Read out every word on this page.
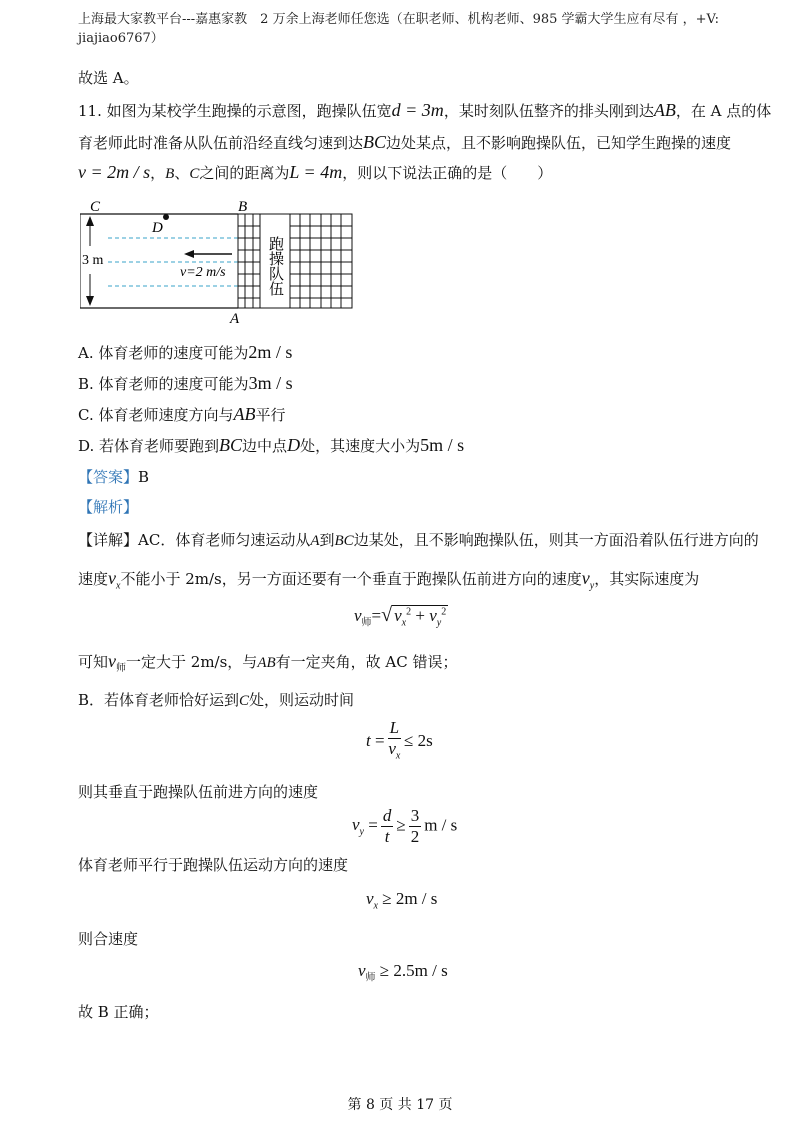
上海最大家教平台---嘉惠家教　2 万余上海老师任您选（在职老师、机构老师、985 学霸大学生应有尽有 ，+V:
jiajiao6767）
故选 A。
11. 如图为某校学生跑操的示意图，跑操队伍宽d = 3m，某时刻队伍整齐的排头刚到达AB，在 A 点的体
育老师此时准备从队伍前沿经直线匀速到达BC边处某点，且不影响跑操队伍，已知学生跑操的速度
v = 2m / s，B、C之间的距离为L = 4m，则以下说法正确的是（　　）
3 m
D
C	B
A
v=2 m/s	跑操队伍
A. 体育老师的速度可能为2m / s
B. 体育老师的速度可能为3m / s
C. 体育老师速度方向与AB平行
D. 若体育老师要跑到BC边中点D处，其速度大小为5m / s
【答案】B
【解析】
【详解】AC．体育老师匀速运动从A到BC边某处，且不影响跑操队伍，则其一方面沿着队伍行进方向的
速度$v_x$不能小于 2m/s，另一方面还要有一个垂直于跑操队伍前进方向的速度$v_y$，其实际速度为
$v_师=√$ $v_x^2 + v_y^2$
可知$v_师$一定大于 2m/s，与AB有一定夹角，故 AC 错误；
B．若体育老师恰好运到C处，则运动时间
$t = \frac{L}{v_x} \le 2s$
则其垂直于跑操队伍前进方向的速度
$v_y = \frac{d}{t} \ge \frac{3}{2}$ m / s
体育老师平行于跑操队伍运动方向的速度
$v_x \ge 2m / s$
则合速度
$v_师 \ge 2.5m / s$
故 B 正确；
第 8 页 共 17 页
